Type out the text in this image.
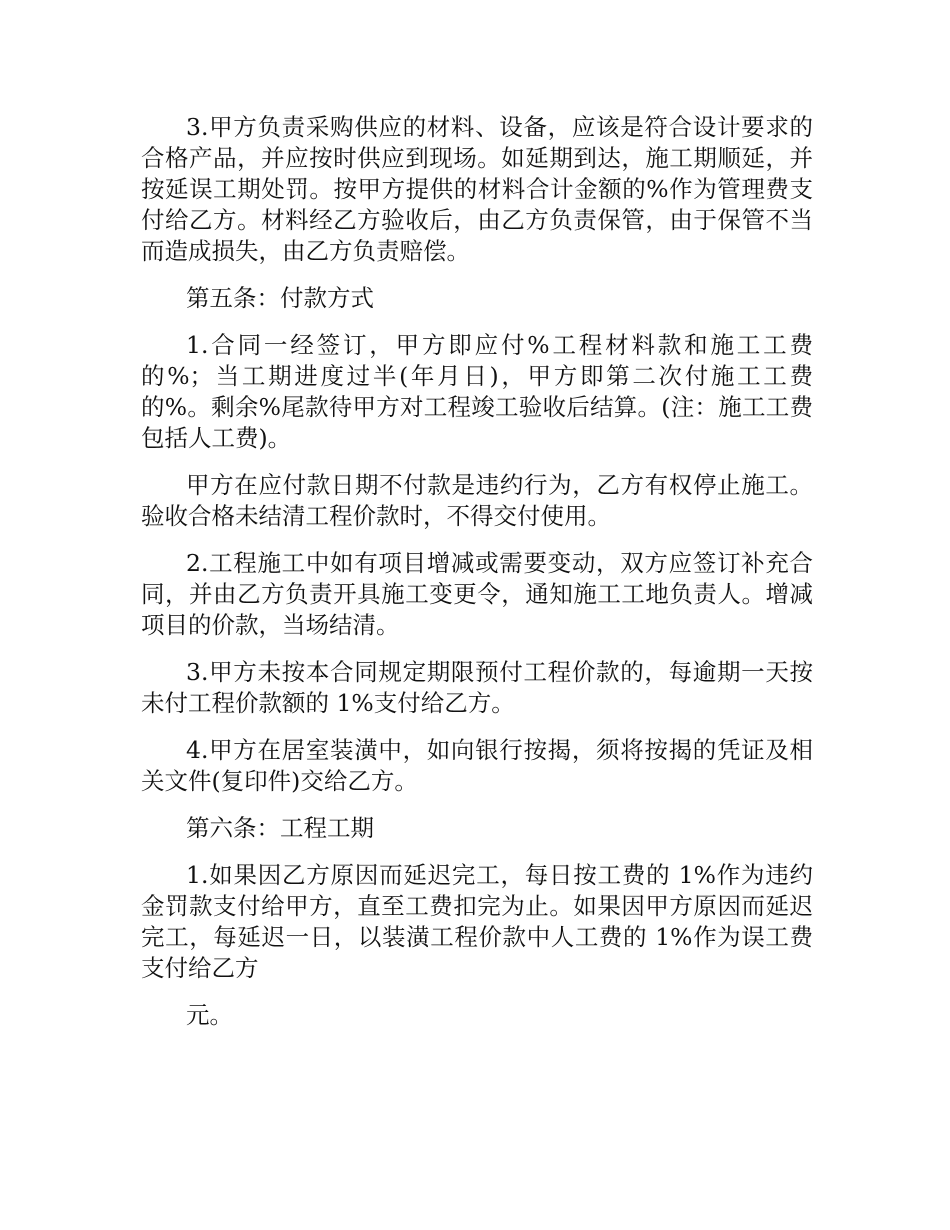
3.甲方负责采购供应的材料、设备，应该是符合设计要求的合格产品，并应按时供应到现场。如延期到达，施工期顺延，并按延误工期处罚。按甲方提供的材料合计金额的%作为管理费支付给乙方。材料经乙方验收后，由乙方负责保管，由于保管不当而造成损失，由乙方负责赔偿。

第五条：付款方式

1.合同一经签订，甲方即应付%工程材料款和施工工费的%；当工期进度过半(年月日)，甲方即第二次付施工工费的%。剩余%尾款待甲方对工程竣工验收后结算。(注：施工工费包括人工费)。

甲方在应付款日期不付款是违约行为，乙方有权停止施工。验收合格未结清工程价款时，不得交付使用。

2.工程施工中如有项目增减或需要变动，双方应签订补充合同，并由乙方负责开具施工变更令，通知施工工地负责人。增减项目的价款，当场结清。

3.甲方未按本合同规定期限预付工程价款的，每逾期一天按未付工程价款额的 1%支付给乙方。

4.甲方在居室装潢中，如向银行按揭，须将按揭的凭证及相关文件(复印件)交给乙方。

第六条：工程工期

1.如果因乙方原因而延迟完工，每日按工费的 1%作为违约金罚款支付给甲方，直至工费扣完为止。如果因甲方原因而延迟完工，每延迟一日，以装潢工程价款中人工费的 1%作为误工费支付给乙方

元。
